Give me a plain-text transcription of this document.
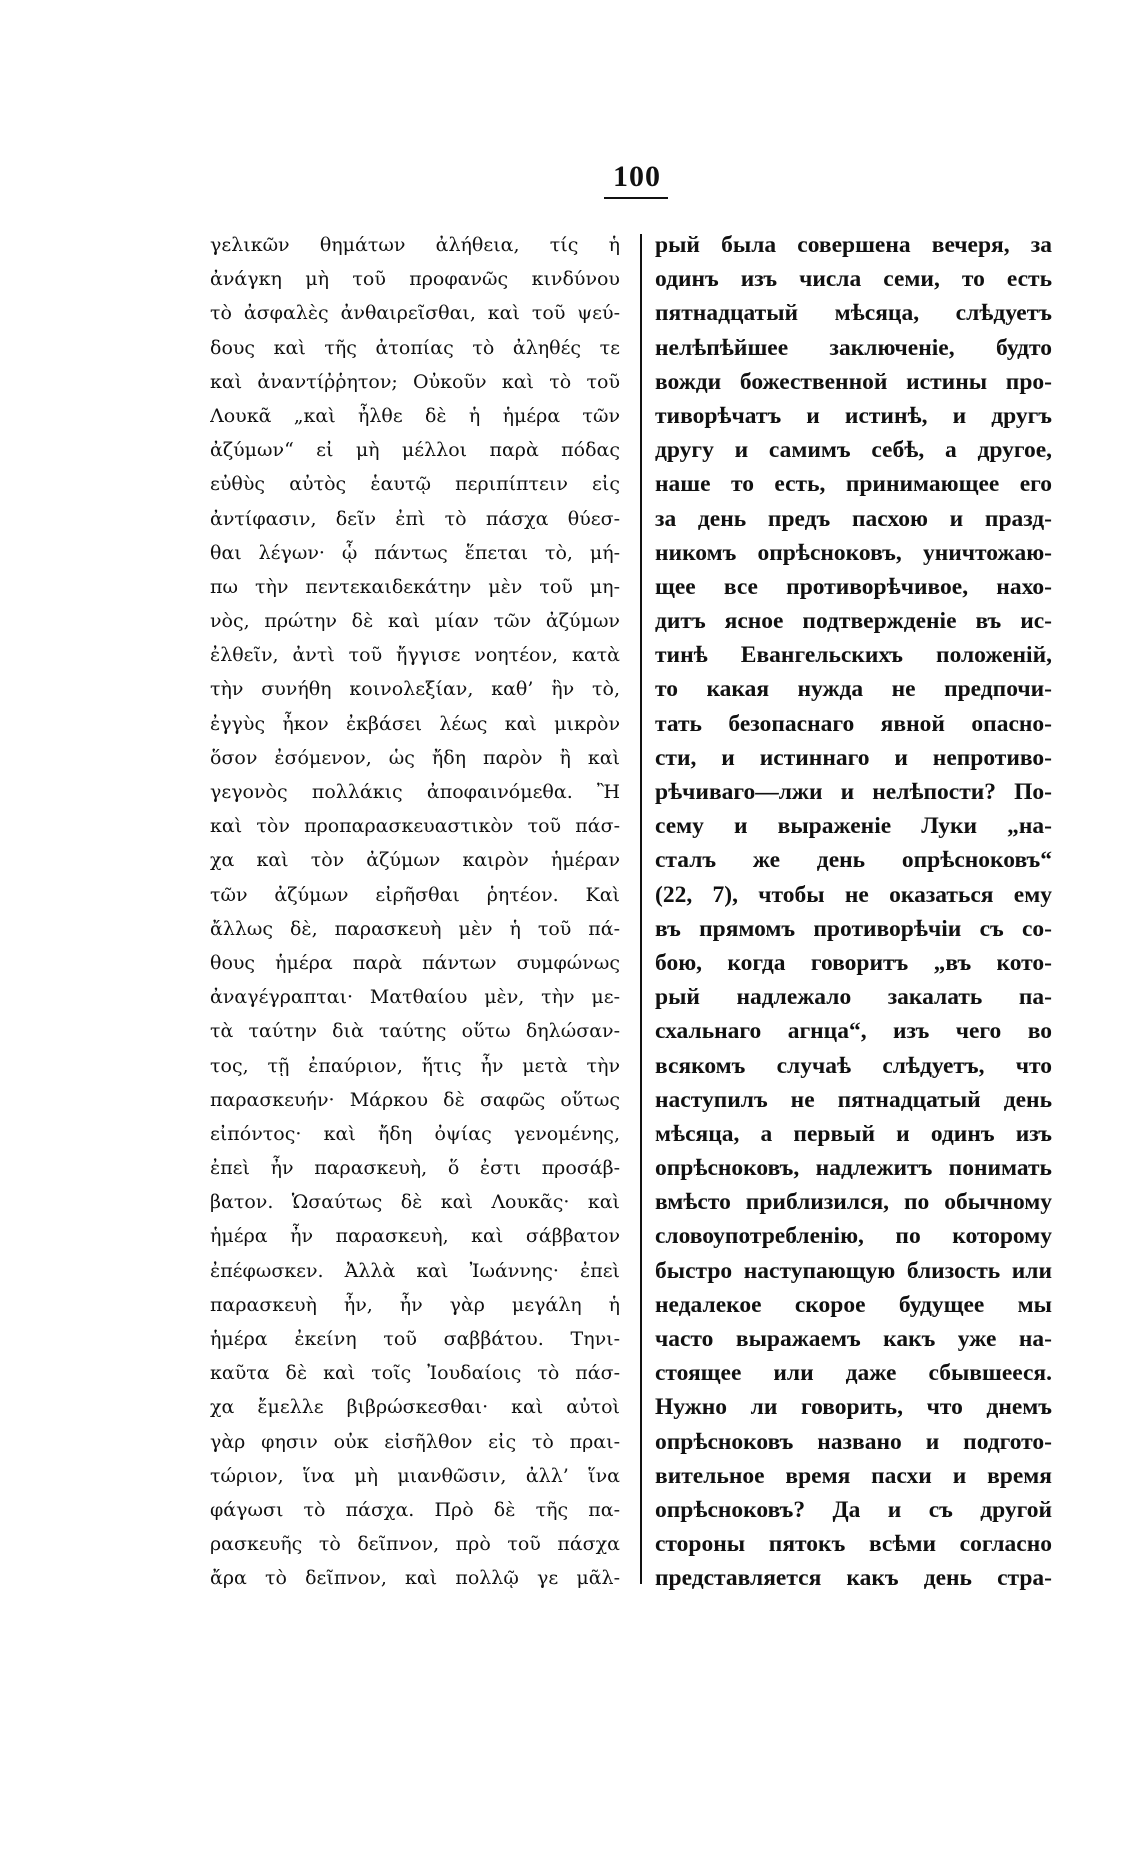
100
γελικῶν θημάτων ἀλήθεια, τίς ἡ
ἀνάγκη μὴ τοῦ προφανῶς κινδύνου
τὸ ἀσφαλὲς ἀνθαιρεῖσθαι, καὶ τοῦ ψεύ-
δους καὶ τῆς ἀτοπίας τὸ ἀληθές τε
καὶ ἀναντίῤῥητον; Οὐκοῦν καὶ τὸ τοῦ
Λουκᾶ „καὶ ἦλθε δὲ ἡ ἡμέρα τῶν
ἀζύμων“ εἰ μὴ μέλλοι παρὰ πόδας
εὐθὺς αὐτὸς ἑαυτῷ περιπίπτειν εἰς
ἀντίφασιν, δεῖν ἐπὶ τὸ πάσχα θύεσ-
θαι λέγων· ᾧ πάντως ἕπεται τὸ, μή-
πω τὴν πεντεκαιδεκάτην μὲν τοῦ μη-
νὸς, πρώτην δὲ καὶ μίαν τῶν ἀζύμων
ἐλθεῖν, ἀντὶ τοῦ ἤγγισε νοητέον, κατὰ
τὴν συνήθη κοινολεξίαν, καθ’ ἣν τὸ,
ἐγγὺς ἦκον ἐκβάσει λέως καὶ μικρὸν
ὅσον ἐσόμενον, ὡς ἤδη παρὸν ἢ καὶ
γεγονὸς πολλάκις ἀποφαινόμεθα. Ἢ
καὶ τὸν προπαρασκευαστικὸν τοῦ πάσ-
χα καὶ τὸν ἀζύμων καιρὸν ἡμέραν
τῶν ἀζύμων εἰρῆσθαι ῥητέον. Καὶ
ἄλλως δὲ, παρασκευὴ μὲν ἡ τοῦ πά-
θους ἡμέρα παρὰ πάντων συμφώνως
ἀναγέγραπται· Ματθαίου μὲν, τὴν με-
τὰ ταύτην διὰ ταύτης οὕτω δηλώσαν-
τος, τῇ ἐπαύριον, ἥτις ἦν μετὰ τὴν
παρασκευήν· Μάρκου δὲ σαφῶς οὕτως
εἰπόντος· καὶ ἤδη ὀψίας γενομένης,
ἐπεὶ ἦν παρασκευὴ, ὅ ἐστι προσάβ-
βατον. Ὡσαύτως δὲ καὶ Λουκᾶς· καὶ
ἡμέρα ἦν παρασκευὴ, καὶ σάββατον
ἐπέφωσκεν. Ἀλλὰ καὶ Ἰωάννης· ἐπεὶ
παρασκευὴ ἦν, ἦν γὰρ μεγάλη ἡ
ἡμέρα ἐκείνη τοῦ σαββάτου. Τηνι-
καῦτα δὲ καὶ τοῖς Ἰουδαίοις τὸ πάσ-
χα ἔμελλε βιβρώσκεσθαι· καὶ αὐτοὶ
γὰρ φησιν οὐκ εἰσῆλθον εἰς τὸ πραι-
τώριον, ἵνα μὴ μιανθῶσιν, ἀλλ’ ἵνα
φάγωσι τὸ πάσχα. Πρὸ δὲ τῆς πα-
ρασκευῆς τὸ δεῖπνον, πρὸ τοῦ πάσχα
ἄρα τὸ δεῖπνον, καὶ πολλῷ γε μᾶλ-
рый была совершена вечеря, за
одинъ изъ числа семи, то есть
пятнадцатый мѣсяца, слѣдуетъ
нелѣпѣйшее заключеніе, будто
вожди божественной истины про-
тиворѣчатъ и истинѣ, и другъ
другу и самимъ себѣ, а другое,
наше то есть, принимающее его
за день предъ пасхою и празд-
никомъ опрѣсноковъ, уничтожаю-
щее все противорѣчивое, нахо-
дитъ ясное подтвержденіе въ ис-
тинѣ Евангельскихъ положеній,
то какая нужда не предпочи-
тать безопаснаго явной опасно-
сти, и истиннаго и непротиво-
рѣчиваго—лжи и нелѣпости? По-
сему и выраженіе Луки „на-
сталъ же день опрѣсноковъ“
(22, 7), чтобы не оказаться ему
въ прямомъ противорѣчіи съ со-
бою, когда говоритъ „въ кото-
рый надлежало закалать па-
схальнаго агнца“, изъ чего во
всякомъ случаѣ слѣдуетъ, что
наступилъ не пятнадцатый день
мѣсяца, а первый и одинъ изъ
опрѣсноковъ, надлежитъ понимать
вмѣсто приблизился, по обычному
словоупотребленію, по которому
быстро наступающую близость или
недалекое скорое будущее мы
часто выражаемъ какъ уже на-
стоящее или даже сбывшееся.
Нужно ли говорить, что днемъ
опрѣсноковъ названо и подгото-
вительное время пасхи и время
опрѣсноковъ? Да и съ другой
стороны пятокъ всѣми согласно
представляется какъ день стра-
